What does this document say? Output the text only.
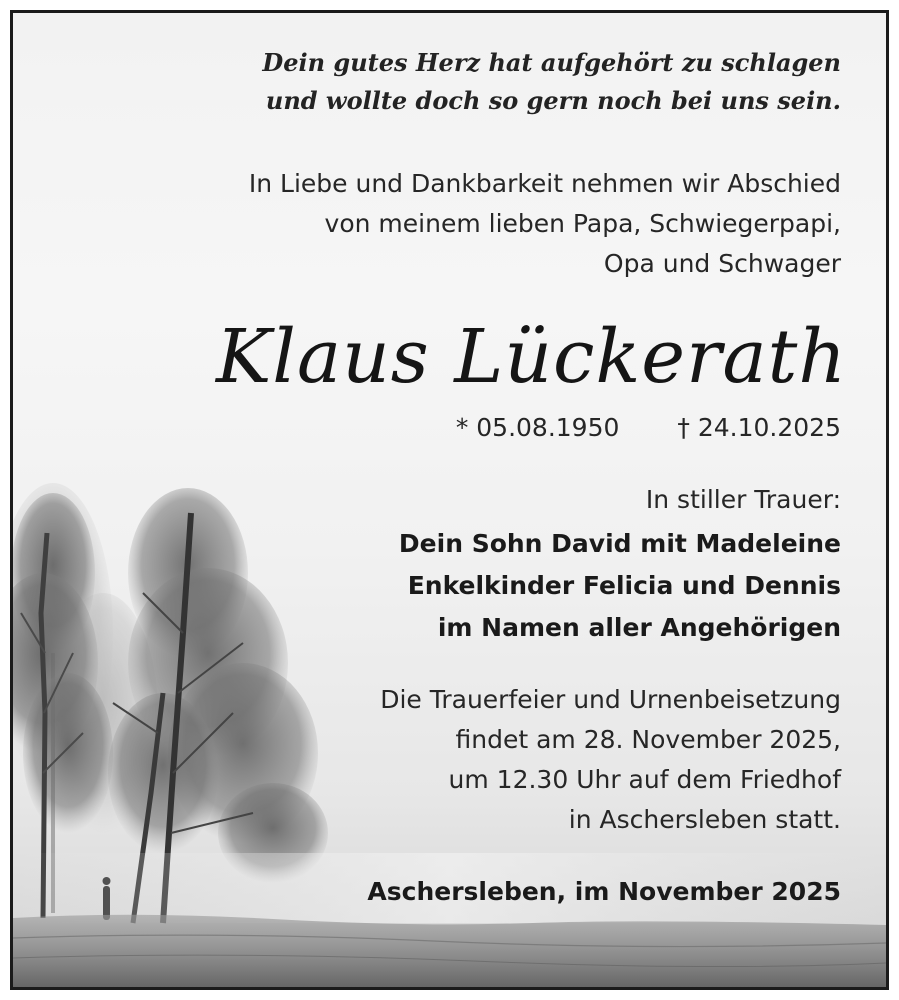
Dein gutes Herz hat aufgehört zu schlagen
und wollte doch so gern noch bei uns sein.
In Liebe und Dankbarkeit nehmen wir Abschied
von meinem lieben Papa, Schwiegerpapi,
Opa und Schwager
Klaus Lückerath
* 05.08.1950 † 24.10.2025
In stiller Trauer:
Dein Sohn David mit Madeleine
Enkelkinder Felicia und Dennis
im Namen aller Angehörigen
Die Trauerfeier und Urnenbeisetzung
findet am 28. November 2025,
um 12.30 Uhr auf dem Friedhof
in Aschersleben statt.
Aschersleben, im November 2025
